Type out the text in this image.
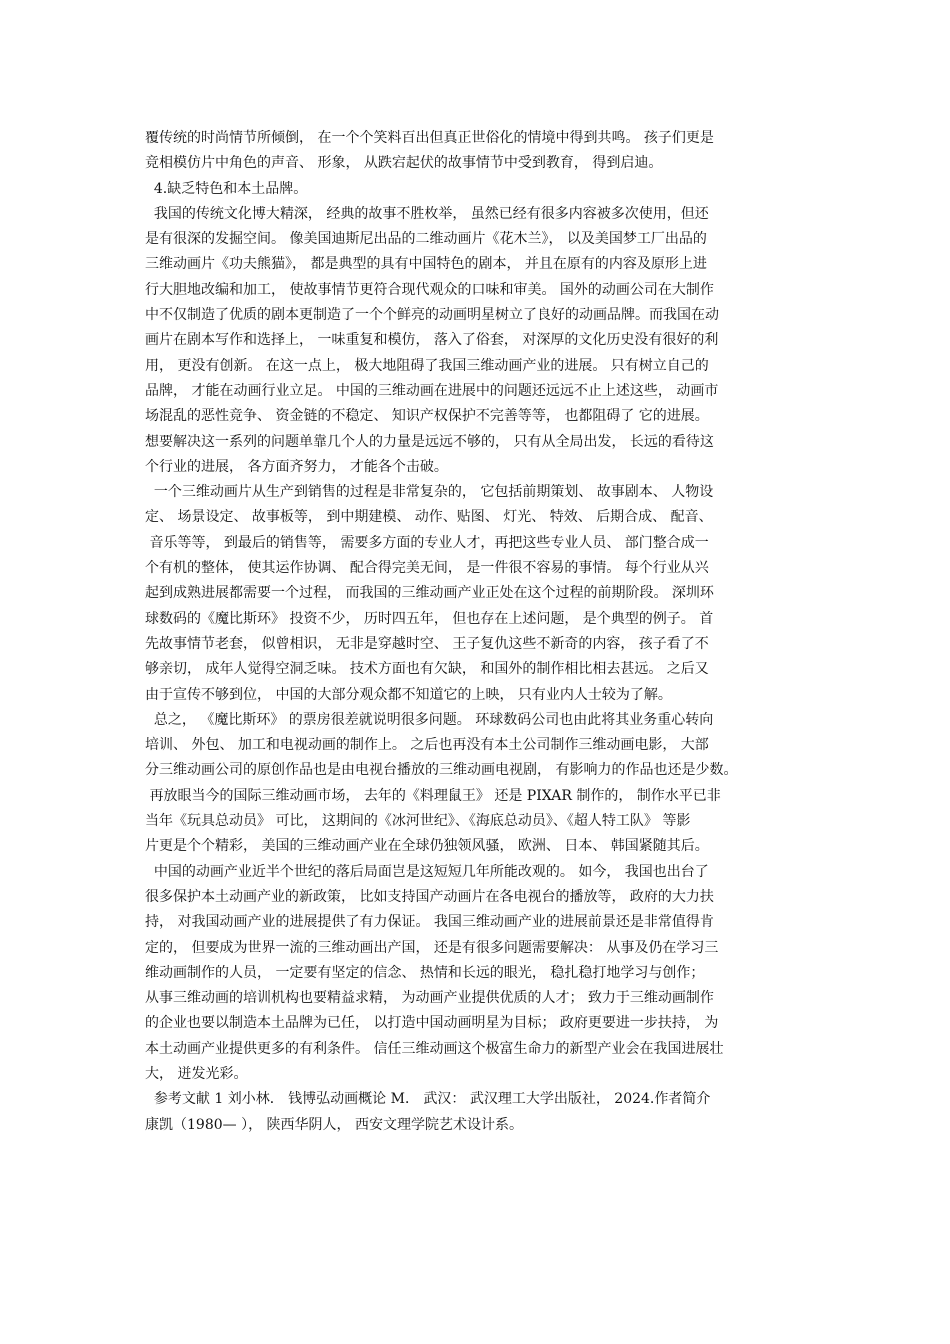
覆传统的时尚情节所倾倒， 在一个个笑料百出但真正世俗化的情境中得到共鸣。 孩子们更是
竞相模仿片中角色的声音、 形象， 从跌宕起伏的故事情节中受到教育， 得到启迪。
4.缺乏特色和本土品牌。
我国的传统文化博大精深， 经典的故事不胜枚举， 虽然已经有很多内容被多次使用，但还
是有很深的发掘空间。 像美国迪斯尼出品的二维动画片《花木兰》， 以及美国梦工厂出品的
三维动画片《功夫熊猫》， 都是典型的具有中国特色的剧本， 并且在原有的内容及原形上进
行大胆地改编和加工， 使故事情节更符合现代观众的口味和审美。 国外的动画公司在大制作
中不仅制造了优质的剧本更制造了一个个鲜亮的动画明星树立了良好的动画品牌。而我国在动
画片在剧本写作和选择上， 一味重复和模仿， 落入了俗套， 对深厚的文化历史没有很好的利
用， 更没有创新。 在这一点上， 极大地阻碍了我国三维动画产业的进展。 只有树立自己的
品牌， 才能在动画行业立足。 中国的三维动画在进展中的问题还远远不止上述这些， 动画市
场混乱的恶性竞争、 资金链的不稳定、 知识产权保护不完善等等， 也都阻碍了 它的进展。
想要解决这一系列的问题单靠几个人的力量是远远不够的， 只有从全局出发， 长远的看待这
个行业的进展， 各方面齐努力， 才能各个击破。
一个三维动画片从生产到销售的过程是非常复杂的， 它包括前期策划、 故事剧本、 人物设
定、 场景设定、 故事板等， 到中期建模、 动作、贴图、 灯光、 特效、 后期合成、 配音、
音乐等等， 到最后的销售等， 需要多方面的专业人才，再把这些专业人员、 部门整合成一
个有机的整体， 使其运作协调、 配合得完美无间， 是一件很不容易的事情。 每个行业从兴
起到成熟进展都需要一个过程， 而我国的三维动画产业正处在这个过程的前期阶段。 深圳环
球数码的《魔比斯环》 投资不少， 历时四五年， 但也存在上述问题， 是个典型的例子。 首
先故事情节老套， 似曾相识， 无非是穿越时空、 王子复仇这些不新奇的内容， 孩子看了不
够亲切， 成年人觉得空洞乏味。 技术方面也有欠缺， 和国外的制作相比相去甚远。 之后又
由于宣传不够到位， 中国的大部分观众都不知道它的上映， 只有业内人士较为了解。
总之， 《魔比斯环》 的票房很差就说明很多问题。 环球数码公司也由此将其业务重心转向
培训、 外包、 加工和电视动画的制作上。 之后也再没有本土公司制作三维动画电影， 大部
分三维动画公司的原创作品也是由电视台播放的三维动画电视剧， 有影响力的作品也还是少数。
再放眼当今的国际三维动画市场， 去年的《料理鼠王》 还是 PIXAR 制作的， 制作水平已非
当年《玩具总动员》 可比， 这期间的《冰河世纪》、《海底总动员》、《超人特工队》 等影
片更是个个精彩， 美国的三维动画产业在全球仍独领风骚， 欧洲、 日本、 韩国紧随其后。
中国的动画产业近半个世纪的落后局面岂是这短短几年所能改观的。 如今， 我国也出台了
很多保护本土动画产业的新政策， 比如支持国产动画片在各电视台的播放等， 政府的大力扶
持， 对我国动画产业的进展提供了有力保证。 我国三维动画产业的进展前景还是非常值得肯
定的， 但要成为世界一流的三维动画出产国， 还是有很多问题需要解决： 从事及仍在学习三
维动画制作的人员， 一定要有坚定的信念、 热情和长远的眼光， 稳扎稳打地学习与创作；
从事三维动画的培训机构也要精益求精， 为动画产业提供优质的人才； 致力于三维动画制作
的企业也要以制造本土品牌为已任， 以打造中国动画明星为目标； 政府更要进一步扶持， 为
本土动画产业提供更多的有利条件。 信任三维动画这个极富生命力的新型产业会在我国进展壮
大， 迸发光彩。
参考文献 1 刘小林． 钱博弘动画概论 M． 武汉： 武汉理工大学出版社， 2024.作者简介
康凯（1980— ）， 陕西华阴人， 西安文理学院艺术设计系。
